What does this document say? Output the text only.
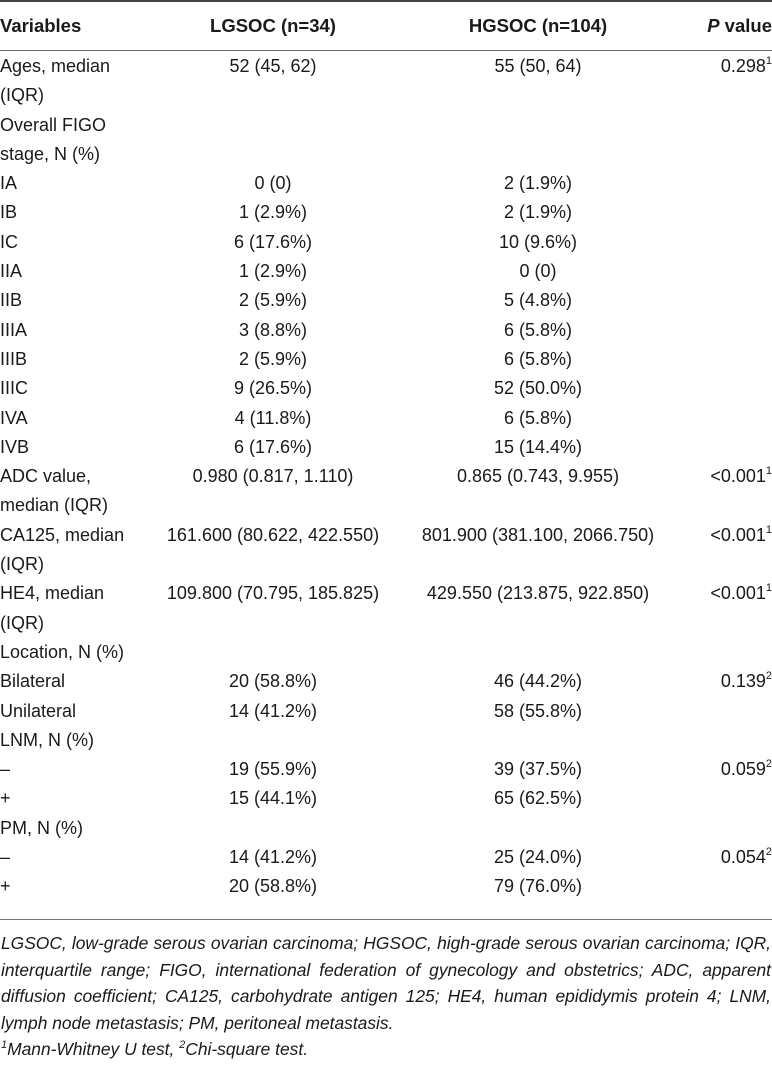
Variables	LGSOC (n=34)	HGSOC (n=104)	P value
Ages, median (IQR)	52 (45, 62)	55 (50, 64)	0.298$^1$
Overall FIGO stage, N (%)			
IA	0 (0)	2 (1.9%)	
IB	1 (2.9%)	2 (1.9%)	
IC	6 (17.6%)	10 (9.6%)	
IIA	1 (2.9%)	0 (0)	
IIB	2 (5.9%)	5 (4.8%)	
IIIA	3 (8.8%)	6 (5.8%)	
IIIB	2 (5.9%)	6 (5.8%)	
IIIC	9 (26.5%)	52 (50.0%)	
IVA	4 (11.8%)	6 (5.8%)	
IVB	6 (17.6%)	15 (14.4%)	
ADC value, median (IQR)	0.980 (0.817, 1.110)	0.865 (0.743, 9.955)	$<0.001^1$
CA125, median (IQR)	161.600 (80.622, 422.550)	801.900 (381.100, 2066.750)	$<0.001^1$
HE4, median (IQR)	109.800 (70.795, 185.825)	429.550 (213.875, 922.850)	$<0.001^1$
Location, N (%)			
Bilateral	20 (58.8%)	46 (44.2%)	0.139$^2$
Unilateral	14 (41.2%)	58 (55.8%)	
LNM, N (%)			
–	19 (55.9%)	39 (37.5%)	$0.059^2$
+	15 (44.1%)	65 (62.5%)	
PM, N (%)			
–	14 (41.2%)	25 (24.0%)	$0.054^2$
+	20 (58.8%)	79 (76.0%)	
LGSOC, low-grade serous ovarian carcinoma; HGSOC, high-grade serous ovarian carcinoma; IQR, interquartile range; FIGO, international federation of gynecology and obstetrics; ADC, apparent diffusion coefficient; CA125, carbohydrate antigen 125; HE4, human epididymis protein 4; LNM, lymph node metastasis; PM, peritoneal metastasis.
$^1$Mann-Whitney U test, $^2$Chi-square test.
